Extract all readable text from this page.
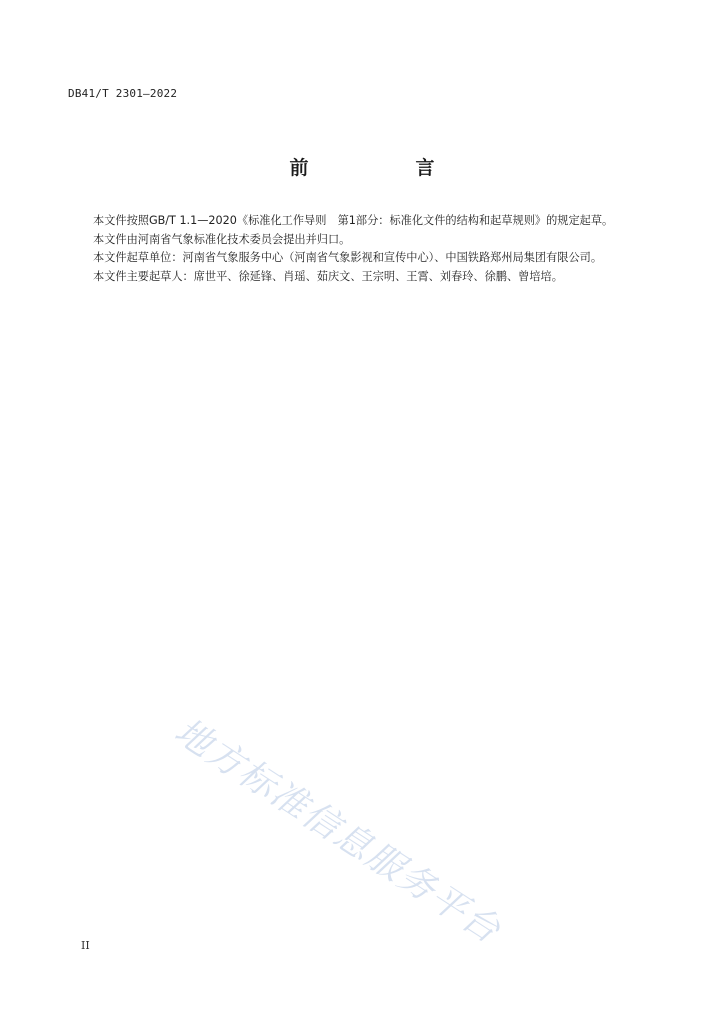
DB41/T 2301—2022
前　言

本文件按照GB/T 1.1—2020《标准化工作导则　第1部分：标准化文件的结构和起草规则》的规定起草。

本文件由河南省气象标准化技术委员会提出并归口。

本文件起草单位：河南省气象服务中心（河南省气象影视和宣传中心）、中国铁路郑州局集团有限公司。

本文件主要起草人：席世平、徐延锋、肖瑶、茹庆文、王宗明、王霄、刘春玲、徐鹏、曾培培。

地方标准信息服务平台
II
